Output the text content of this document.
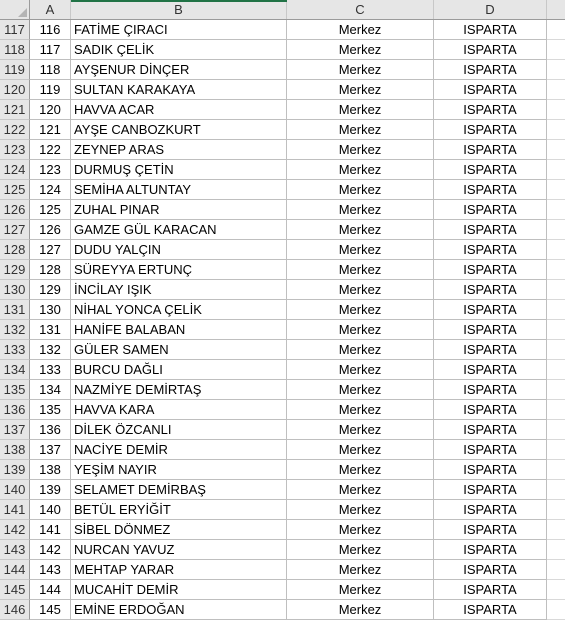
A	B	C	D
117	116	FATİME ÇIRACI	Merkez	ISPARTA
118	117	SADIK ÇELİK	Merkez	ISPARTA
119	118	AYŞENUR DİNÇER	Merkez	ISPARTA
120	119	SULTAN KARAKAYA	Merkez	ISPARTA
121	120	HAVVA ACAR	Merkez	ISPARTA
122	121	AYŞE CANBOZKURT	Merkez	ISPARTA
123	122	ZEYNEP ARAS	Merkez	ISPARTA
124	123	DURMUŞ ÇETİN	Merkez	ISPARTA
125	124	SEMİHA ALTUNTAY	Merkez	ISPARTA
126	125	ZUHAL PINAR	Merkez	ISPARTA
127	126	GAMZE GÜL KARACAN	Merkez	ISPARTA
128	127	DUDU YALÇIN	Merkez	ISPARTA
129	128	SÜREYYA ERTUNÇ	Merkez	ISPARTA
130	129	İNCİLAY IŞIK	Merkez	ISPARTA
131	130	NİHAL YONCA ÇELİK	Merkez	ISPARTA
132	131	HANİFE BALABAN	Merkez	ISPARTA
133	132	GÜLER SAMEN	Merkez	ISPARTA
134	133	BURCU DAĞLI	Merkez	ISPARTA
135	134	NAZMİYE DEMİRTAŞ	Merkez	ISPARTA
136	135	HAVVA KARA	Merkez	ISPARTA
137	136	DİLEK ÖZCANLI	Merkez	ISPARTA
138	137	NACİYE DEMİR	Merkez	ISPARTA
139	138	YEŞİM NAYIR	Merkez	ISPARTA
140	139	SELAMET DEMİRBAŞ	Merkez	ISPARTA
141	140	BETÜL ERYİĞİT	Merkez	ISPARTA
142	141	SİBEL DÖNMEZ	Merkez	ISPARTA
143	142	NURCAN YAVUZ	Merkez	ISPARTA
144	143	MEHTAP YARAR	Merkez	ISPARTA
145	144	MUCAHİT DEMİR	Merkez	ISPARTA
146	145	EMİNE ERDOĞAN	Merkez	ISPARTA
